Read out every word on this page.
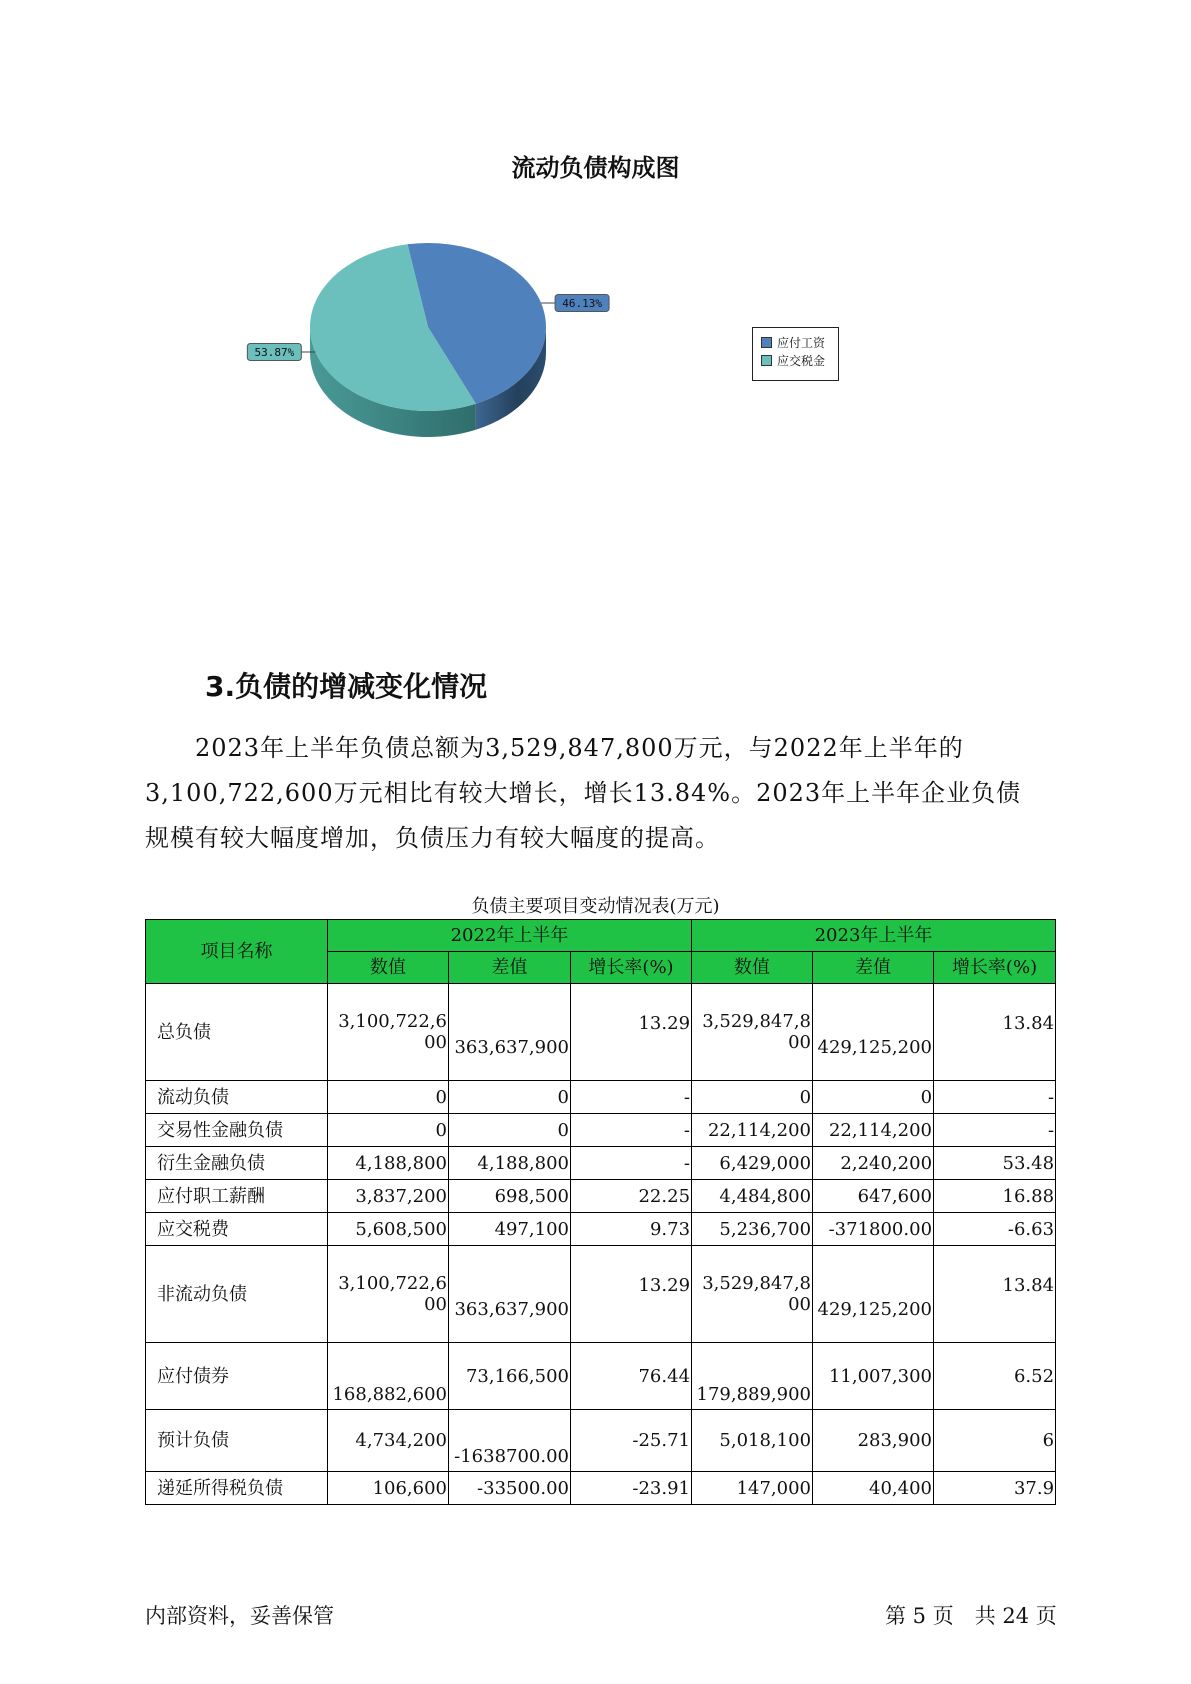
流动负债构成图
46.13%
53.87%
应付工资
应交税金
3.负债的增减变化情况
　　2023年上半年负债总额为3,529,847,800万元，与2022年上半年的
3,100,722,600万元相比有较大增长，增长13.84%。2023年上半年企业负债
规模有较大幅度增加，负债压力有较大幅度的提高。
负债主要项目变动情况表(万元)
项目名称	2022年上半年			2023年上半年		
	数值	差值	增长率(%)	数值	差值	增长率(%)
总负债	3,100,722,600	363,637,900	13.29	3,529,847,800	429,125,200	13.84
流动负债	0	0	-	0	0	-
交易性金融负债	0	0	-	22,114,200	22,114,200	-
衍生金融负债	4,188,800	4,188,800	-	6,429,000	2,240,200	53.48
应付职工薪酬	3,837,200	698,500	22.25	4,484,800	647,600	16.88
应交税费	5,608,500	497,100	9.73	5,236,700	-371800.00	-6.63
非流动负债	3,100,722,600	363,637,900	13.29	3,529,847,800	429,125,200	13.84
应付债券	168,882,600	73,166,500	76.44	179,889,900	11,007,300	6.52
预计负债	4,734,200	-1638700.00	-25.71	5,018,100	283,900	6
递延所得税负债	106,600	-33500.00	-23.91	147,000	40,400	37.9
内部资料，妥善保管	第 5 页　共 24 页
